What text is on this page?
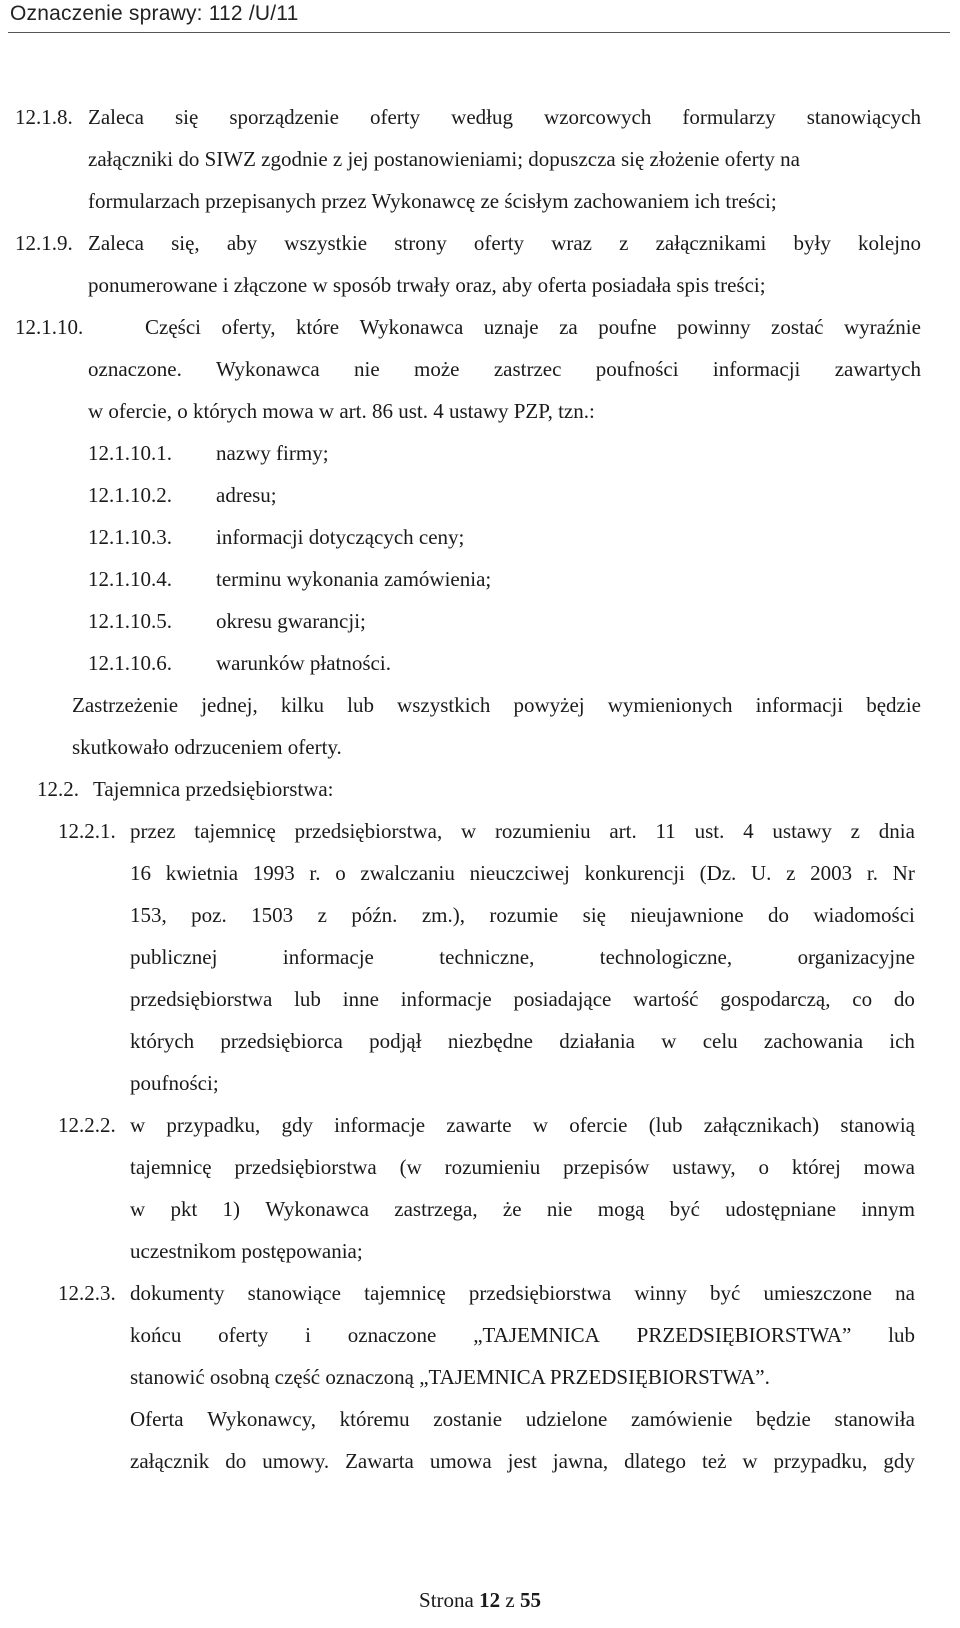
Oznaczenie sprawy: 112 /U/11
12.1.8. Zaleca się sporządzenie oferty według wzorcowych formularzy stanowiących
załączniki do SIWZ zgodnie z jej postanowieniami; dopuszcza się złożenie oferty na
formularzach przepisanych przez Wykonawcę ze ścisłym zachowaniem ich treści;
12.1.9. Zaleca się, aby wszystkie strony oferty wraz z załącznikami były kolejno
ponumerowane i złączone w sposób trwały oraz, aby oferta posiadała spis treści;
12.1.10.	Części oferty, które Wykonawca uznaje za poufne powinny zostać wyraźnie
oznaczone. Wykonawca nie może zastrzec poufności informacji zawartych
w ofercie, o których mowa w art. 86 ust. 4 ustawy PZP, tzn.:
12.1.10.1. nazwy firmy;
12.1.10.2. adresu;
12.1.10.3. informacji dotyczących ceny;
12.1.10.4. terminu wykonania zamówienia;
12.1.10.5. okresu gwarancji;
12.1.10.6. warunków płatności.
Zastrzeżenie jednej, kilku lub wszystkich powyżej wymienionych informacji będzie
skutkowało odrzuceniem oferty.
12.2. Tajemnica przedsiębiorstwa:
12.2.1. przez tajemnicę przedsiębiorstwa, w rozumieniu art. 11 ust. 4 ustawy z dnia
16 kwietnia 1993 r. o zwalczaniu nieuczciwej konkurencji (Dz. U. z 2003 r. Nr
153, poz. 1503 z późn. zm.), rozumie się nieujawnione do wiadomości
publicznej	informacje	techniczne,	technologiczne,	organizacyjne
przedsiębiorstwa lub inne informacje posiadające wartość gospodarczą, co do
których przedsiębiorca podjął niezbędne działania w celu zachowania ich
poufności;
12.2.2. w przypadku, gdy informacje zawarte w ofercie (lub załącznikach) stanowią
tajemnicę przedsiębiorstwa (w rozumieniu przepisów ustawy, o której mowa
w pkt 1) Wykonawca zastrzega, że nie mogą być udostępniane innym
uczestnikom postępowania;
12.2.3. dokumenty stanowiące tajemnicę przedsiębiorstwa winny być umieszczone na
końcu oferty i oznaczone „TAJEMNICA PRZEDSIĘBIORSTWA” lub
stanowić osobną część oznaczoną „TAJEMNICA PRZEDSIĘBIORSTWA”.
Oferta Wykonawcy, któremu zostanie udzielone zamówienie będzie stanowiła
załącznik do umowy. Zawarta umowa jest jawna, dlatego też w przypadku, gdy
Strona 12 z 55
